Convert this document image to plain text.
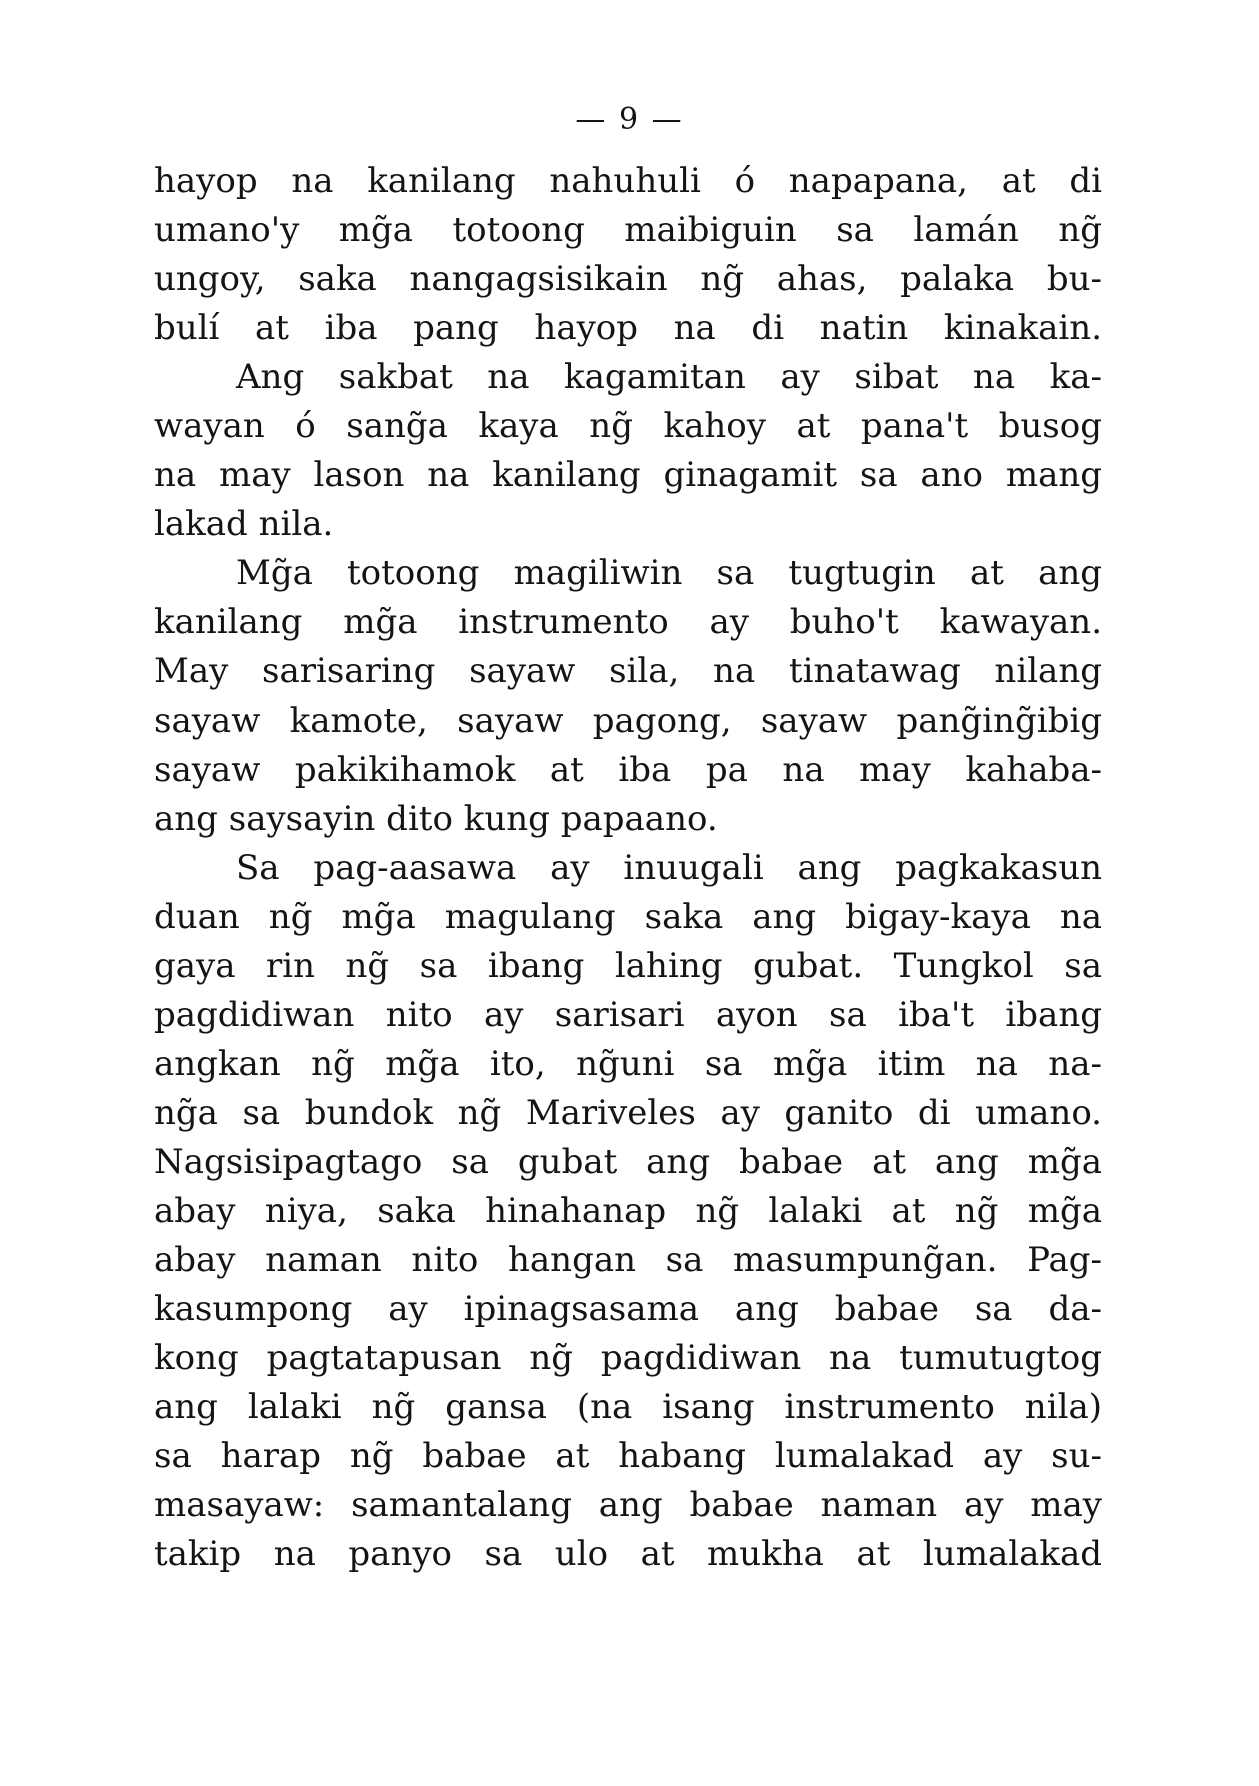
— 9 —
hayop na kanilang nahuhuli ó napapana, at di
umano'y mg̃a totoong maibiguin sa lamán ng̃
ungoy, saka nangagsisikain ng̃ ahas, palaka bu-
bulí at iba pang hayop na di natin kinakain.
Ang sakbat na kagamitan ay sibat na ka-
wayan ó sang̃a kaya ng̃ kahoy at pana't busog
na may lason na kanilang ginagamit sa ano mang
lakad nila.
Mg̃a totoong magiliwin sa tugtugin at ang
kanilang mg̃a instrumento ay buho't kawayan.
May sarisaring sayaw sila, na tinatawag nilang
sayaw kamote, sayaw pagong, sayaw pang̃ing̃ibig
sayaw pakikihamok at iba pa na may kahaba-
ang saysayin dito kung papaano.
Sa pag-aasawa ay inuugali ang pagkakasun
duan ng̃ mg̃a magulang saka ang bigay-kaya na
gaya rin ng̃ sa ibang lahing gubat. Tungkol sa
pagdidiwan nito ay sarisari ayon sa iba't ibang
angkan ng̃ mg̃a ito, ng̃uni sa mg̃a itim na na-
ng̃a sa bundok ng̃ Mariveles ay ganito di umano.
Nagsisipagtago sa gubat ang babae at ang mg̃a
abay niya, saka hinahanap ng̃ lalaki at ng̃ mg̃a
abay naman nito hangan sa masumpung̃an. Pag-
kasumpong ay ipinagsasama ang babae sa da-
kong pagtatapusan ng̃ pagdidiwan na tumutugtog
ang lalaki ng̃ gansa (na isang instrumento nila)
sa harap ng̃ babae at habang lumalakad ay su-
masayaw: samantalang ang babae naman ay may
takip na panyo sa ulo at mukha at lumalakad
